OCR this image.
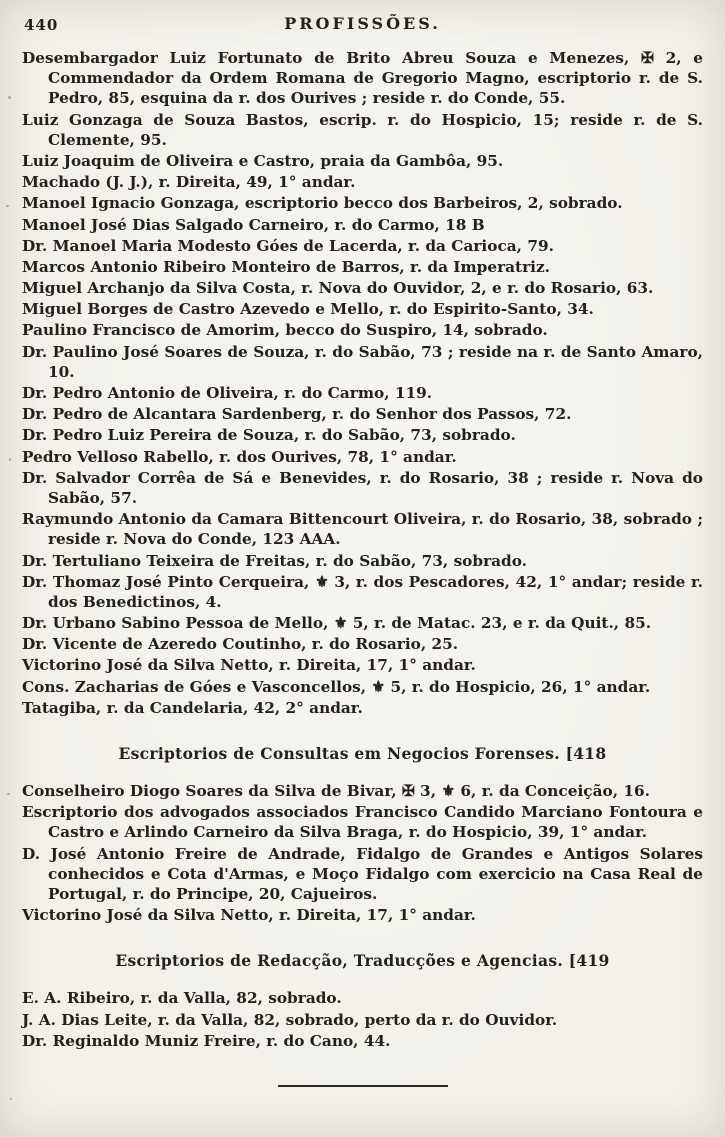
440	PROFISSÕES.

Desembargador Luiz Fortunato de Brito Abreu Souza e Menezes, ✠ 2, e Commendador da Ordem Romana de Gregorio Magno, escriptorio r. de S. Pedro, 85, esquina da r. dos Ourives ; reside r. do Conde, 55.

Luiz Gonzaga de Souza Bastos, escrip. r. do Hospicio, 15; reside r. de S. Clemente, 95.

Luiz Joaquim de Oliveira e Castro, praia da Gambôa, 95.

Machado (J. J.), r. Direita, 49, 1° andar.

Manoel Ignacio Gonzaga, escriptorio becco dos Barbeiros, 2, sobrado.

Manoel José Dias Salgado Carneiro, r. do Carmo, 18 B

Dr. Manoel Maria Modesto Góes de Lacerda, r. da Carioca, 79.

Marcos Antonio Ribeiro Monteiro de Barros, r. da Imperatriz.

Miguel Archanjo da Silva Costa, r. Nova do Ouvidor, 2, e r. do Rosario, 63.

Miguel Borges de Castro Azevedo e Mello, r. do Espirito-Santo, 34.

Paulino Francisco de Amorim, becco do Suspiro, 14, sobrado.

Dr. Paulino José Soares de Souza, r. do Sabão, 73 ; reside na r. de Santo Amaro, 10.

Dr. Pedro Antonio de Oliveira, r. do Carmo, 119.

Dr. Pedro de Alcantara Sardenberg, r. do Senhor dos Passos, 72.

Dr. Pedro Luiz Pereira de Souza, r. do Sabão, 73, sobrado.

Pedro Velloso Rabello, r. dos Ourives, 78, 1° andar.

Dr. Salvador Corrêa de Sá e Benevides, r. do Rosario, 38 ; reside r. Nova do Sabão, 57.

Raymundo Antonio da Camara Bittencourt Oliveira, r. do Rosario, 38, sobrado ; reside r. Nova do Conde, 123 AAA.

Dr. Tertuliano Teixeira de Freitas, r. do Sabão, 73, sobrado.

Dr. Thomaz José Pinto Cerqueira, ⚜ 3, r. dos Pescadores, 42, 1° andar; reside r. dos Benedictinos, 4.

Dr. Urbano Sabino Pessoa de Mello, ⚜ 5, r. de Matac. 23, e r. da Quit., 85.

Dr. Vicente de Azeredo Coutinho, r. do Rosario, 25.

Victorino José da Silva Netto, r. Direita, 17, 1° andar.

Cons. Zacharias de Góes e Vasconcellos, ⚜ 5, r. do Hospicio, 26, 1° andar.

Tatagiba, r. da Candelaria, 42, 2° andar.

Escriptorios de Consultas em Negocios Forenses. [418

Conselheiro Diogo Soares da Silva de Bivar, ✠ 3, ⚜ 6, r. da Conceição, 16.

Escriptorio dos advogados associados Francisco Candido Marciano Fontoura e Castro e Arlindo Carneiro da Silva Braga, r. do Hospicio, 39, 1° andar.

D. José Antonio Freire de Andrade, Fidalgo de Grandes e Antigos Solares conhecidos e Cota d'Armas, e Moço Fidalgo com exercicio na Casa Real de Portugal, r. do Principe, 20, Cajueiros.

Victorino José da Silva Netto, r. Direita, 17, 1° andar.

Escriptorios de Redacção, Traducções e Agencias. [419

E. A. Ribeiro, r. da Valla, 82, sobrado.

J. A. Dias Leite, r. da Valla, 82, sobrado, perto da r. do Ouvidor.

Dr. Reginaldo Muniz Freire, r. do Cano, 44.
